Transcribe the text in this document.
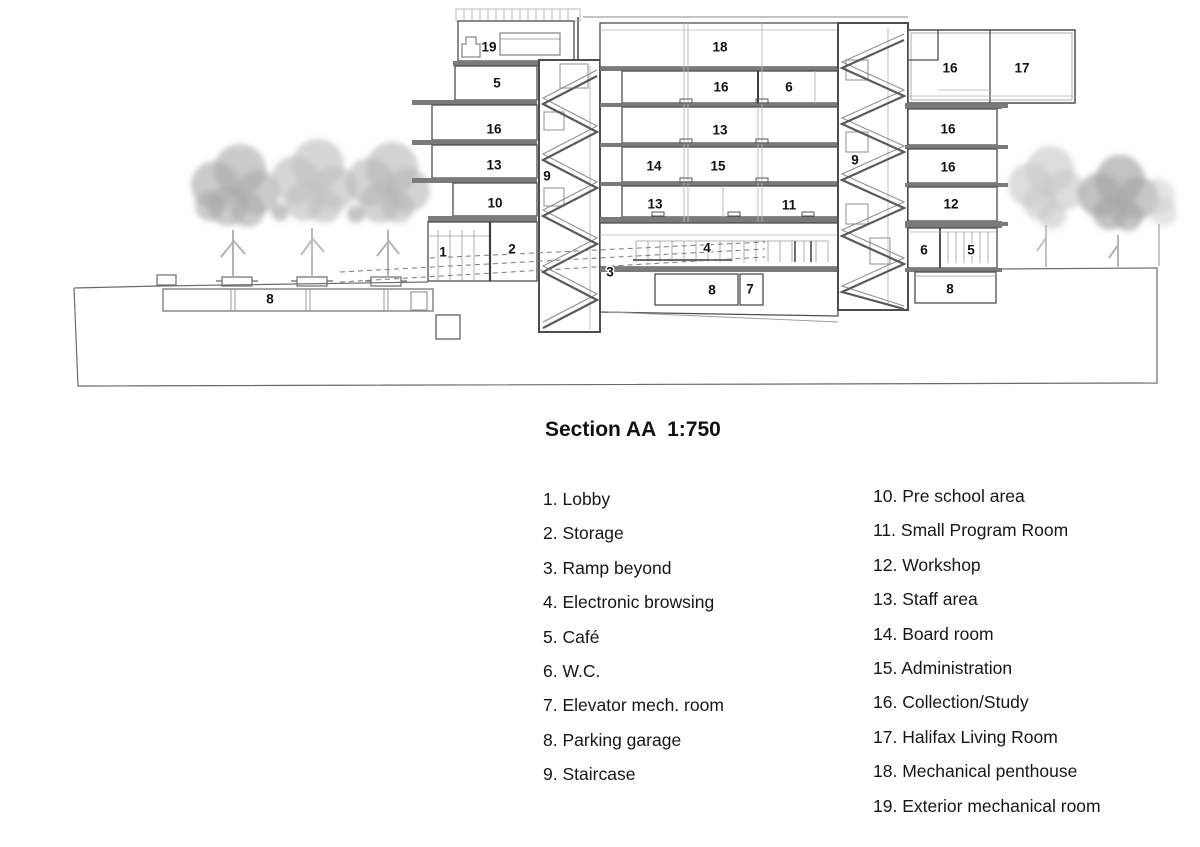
19
5
16
13
10
9
1	2
18
16	6
13
14	15
13	11
4
3
8 7
9
16	17
16
16
12
6	5
8
8
Section AA  1:750
1. Lobby
2. Storage
3. Ramp beyond
4. Electronic browsing
5. Café
6. W.C.
7. Elevator mech. room
8. Parking garage
9. Staircase
10. Pre school area
11. Small Program Room
12. Workshop
13. Staff area
14. Board room
15. Administration
16. Collection/Study
17. Halifax Living Room
18. Mechanical penthouse
19. Exterior mechanical room
